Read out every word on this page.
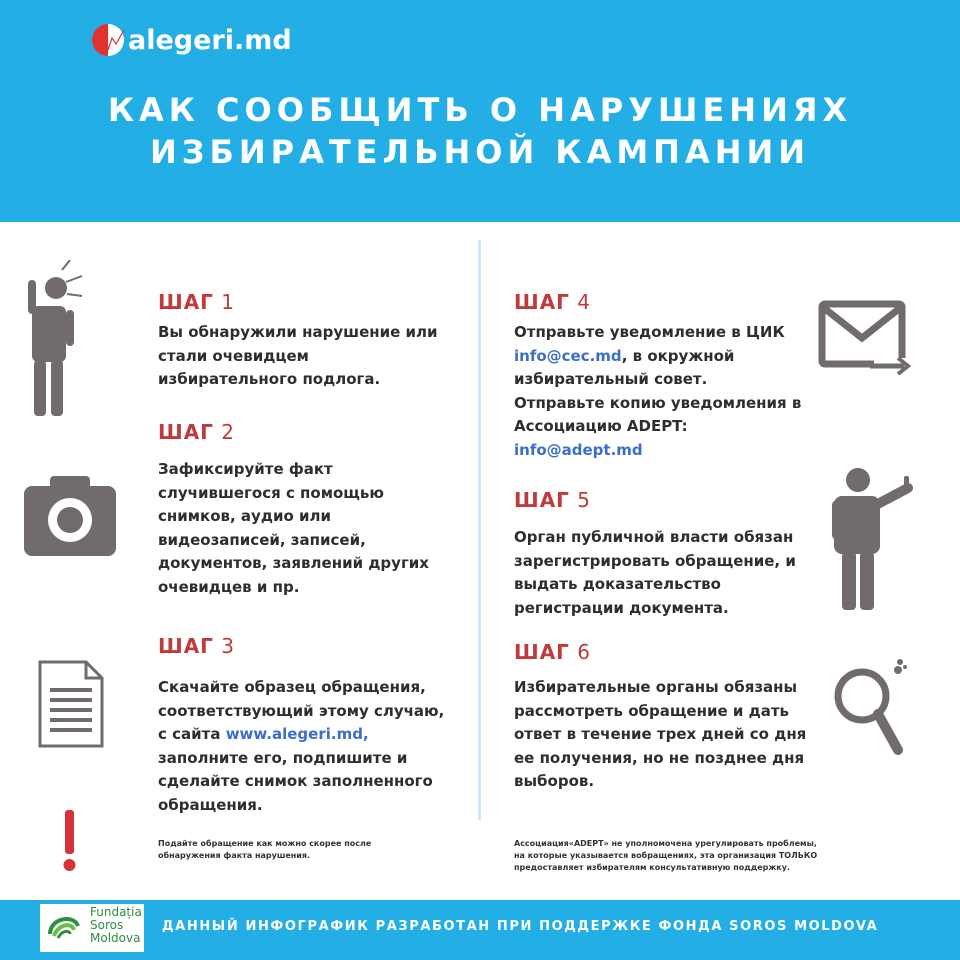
alegeri.md
КАК СООБЩИТЬ О НАРУШЕНИЯХ
ИЗБИРАТЕЛЬНОЙ КАМПАНИИ
ШАГ 1
Вы обнаружили нарушение или
стали очевидцем
избирательного подлога.
ШАГ 2
Зафиксируйте факт
случившегося с помощью
снимков, аудио или
видеозаписей, записей,
документов, заявлений других
очевидцев и пр.
ШАГ 3
Скачайте образец обращения,
соответствующий этому случаю,
с сайта www.alegeri.md,
заполните его, подпишите и
сделайте снимок заполненного
обращения.
ШАГ 4
Отправьте уведомление в ЦИК
info@cec.md, в окружной
избирательный совет.
Отправьте копию уведомления в
Ассоциацию ADEPT:
info@adept.md
ШАГ 5
Орган публичной власти обязан
зарегистрировать обращение, и
выдать доказательство
регистрации документа.
ШАГ 6
Избирательные органы обязаны
рассмотреть обращение и дать
ответ в течение трех дней со дня
ее получения, но не позднее дня
выборов.
Подайте обращение как можно скорее после
обнаружения факта нарушения.
Ассоциация«ADEPT» не уполномочена урегулировать проблемы,
на которые указывается вобращениях, эта организация ТОЛЬКО
предоставляет избирателям консультативную поддержку.
Fundația
Soros
Moldova
ДАННЫЙ ИНФОГРАФИК РАЗРАБОТАН ПРИ ПОДДЕРЖКЕ ФОНДА SOROS MOLDOVA
